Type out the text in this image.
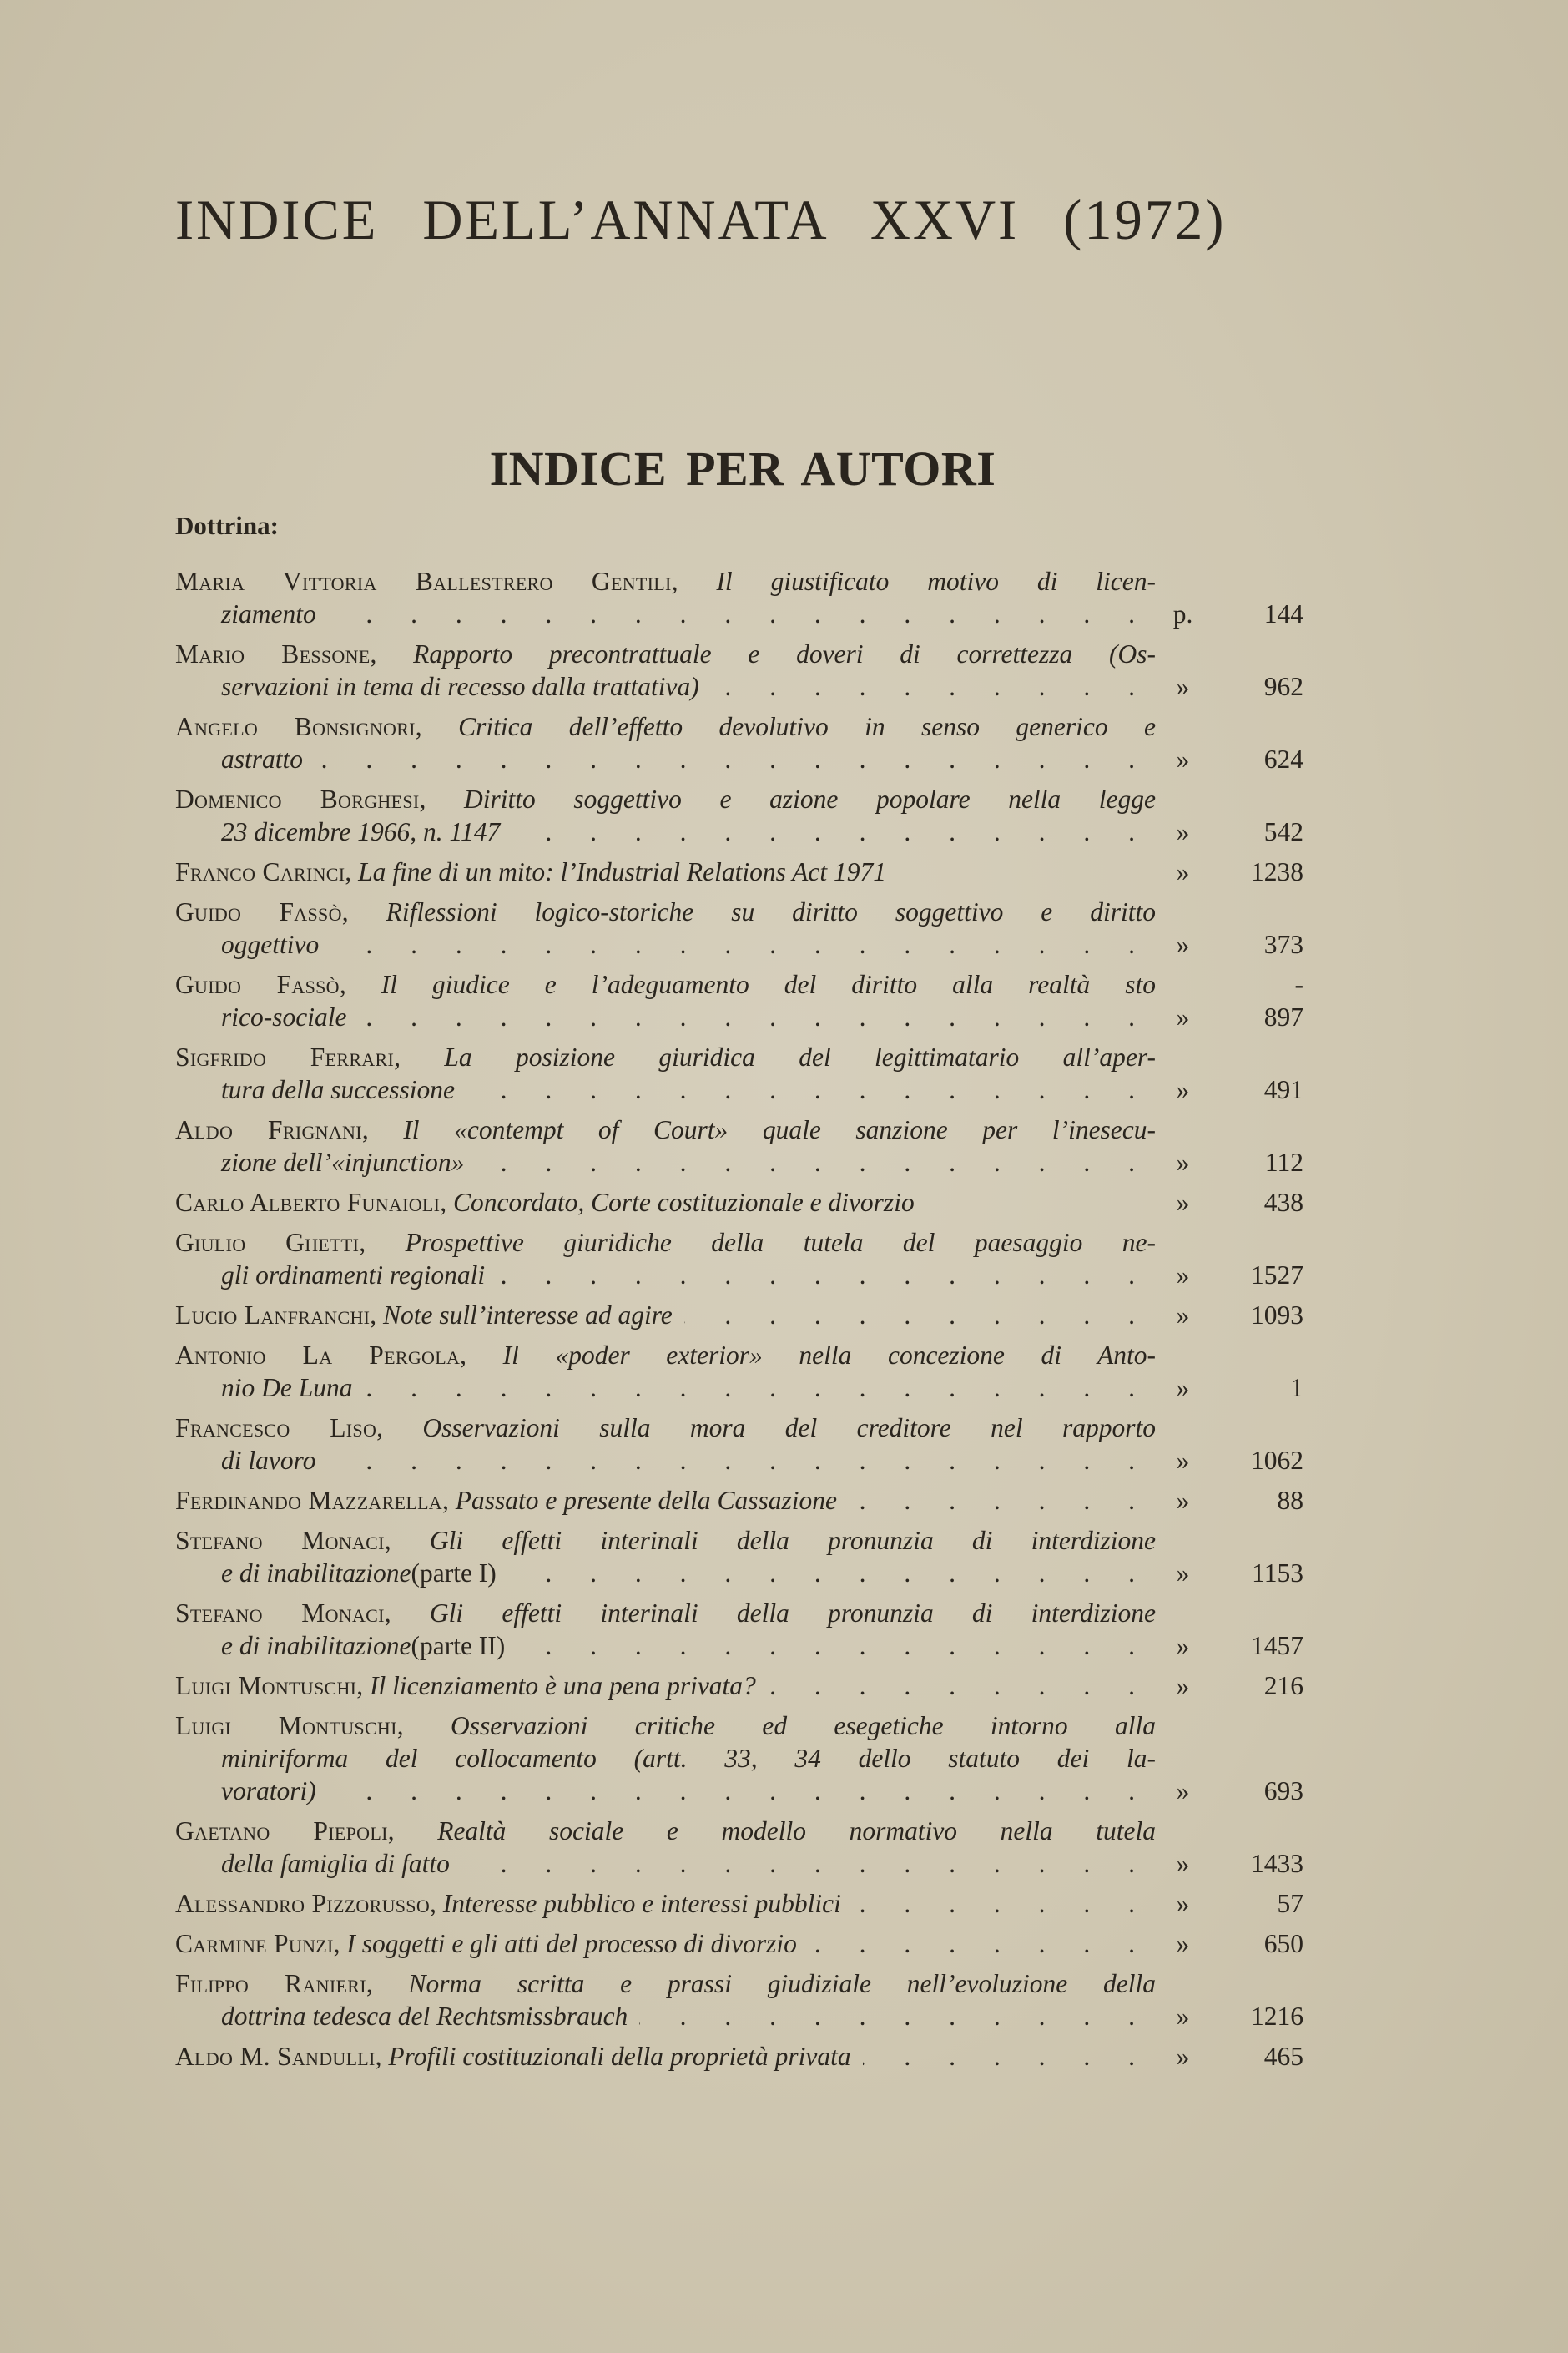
INDICE DELL’ANNATA XXVI (1972)
INDICE PER AUTORI
Dottrina:
Maria Vittoria Ballestrero Gentili, Il giustificato motivo di licen-
ziamento . . .	p.	144
Mario Bessone, Rapporto precontrattuale e doveri di correttezza (Os-
servazioni in tema di recesso dalla trattativa) . . .	»	962
Angelo Bonsignori, Critica dell’effetto devolutivo in senso generico e
astratto . . .	»	624
Domenico Borghesi, Diritto soggettivo e azione popolare nella legge
23 dicembre 1966, n. 1147 . . .	»	542
Franco Carinci, La fine di un mito: l’Industrial Relations Act 1971	»	1238
Guido Fassò, Riflessioni logico-storiche su diritto soggettivo e diritto
oggettivo . . .	»	373
Guido Fassò, Il giudice e l’adeguamento del diritto alla realtà sto	-
rico-sociale . . .	»	897
Sigfrido Ferrari, La posizione giuridica del legittimatario all’aper-
tura della successione . . .	»	491
Aldo Frignani, Il «contempt of Court» quale sanzione per l’inesecu-
zione dell’«injunction» . . .	»	112
Carlo Alberto Funaioli, Concordato, Corte costituzionale e divorzio	»	438
Giulio Ghetti, Prospettive giuridiche della tutela del paesaggio ne-
gli ordinamenti regionali . . .	»	1527
Lucio Lanfranchi, Note sull’interesse ad agire . . .	»	1093
Antonio La Pergola, Il «poder exterior» nella concezione di Anto-
nio De Luna . . .	»	1
Francesco Liso, Osservazioni sulla mora del creditore nel rapporto
di lavoro . . .	»	1062
Ferdinando Mazzarella, Passato e presente della Cassazione . . .	»	88
Stefano Monaci, Gli effetti interinali della pronunzia di interdizione
e di inabilitazione (parte I) . . .	»	1153
Stefano Monaci, Gli effetti interinali della pronunzia di interdizione
e di inabilitazione (parte II) . . .	»	1457
Luigi Montuschi, Il licenziamento è una pena privata? . . .	»	216
Luigi Montuschi, Osservazioni critiche ed esegetiche intorno alla
miniriforma del collocamento (artt. 33, 34 dello statuto dei la-
voratori) . . .	»	693
Gaetano Piepoli, Realtà sociale e modello normativo nella tutela
della famiglia di fatto . . .	»	1433
Alessandro Pizzorusso, Interesse pubblico e interessi pubblici . . .	»	57
Carmine Punzi, I soggetti e gli atti del processo di divorzio . . .	»	650
Filippo Ranieri, Norma scritta e prassi giudiziale nell’evoluzione della
dottrina tedesca del Rechtsmissbrauch . . .	»	1216
Aldo M. Sandulli, Profili costituzionali della proprietà privata . . .	»	465
